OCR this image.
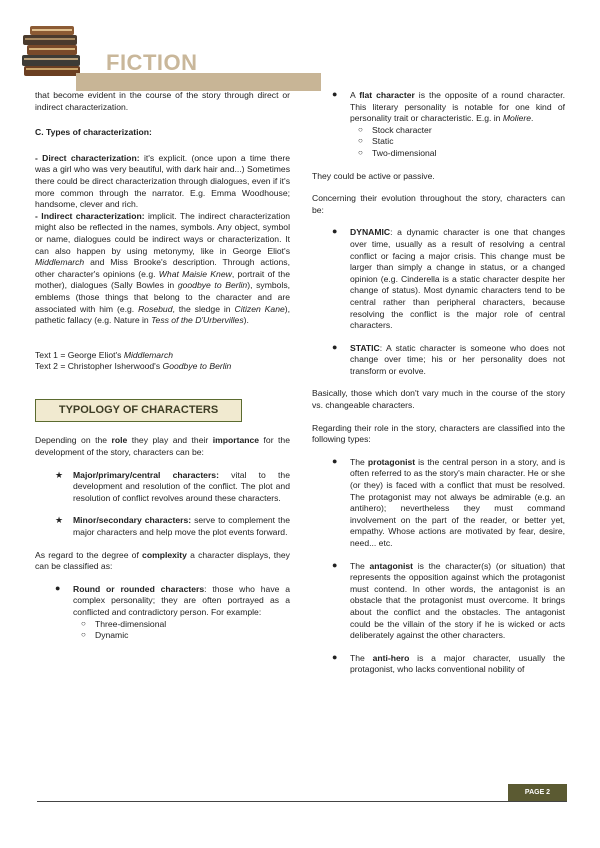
FICTION

that become evident in the course of the story through direct or indirect characterization.

C. Types of characterization:

- Direct characterization: it's explicit. (once upon a time there was a girl who was very beautiful, with dark hair and...) Sometimes there could be direct characterization through dialogues, even if it's more common through the narrator. E.g. Emma Woodhouse; handsome, clever and rich.

- Indirect characterization: implicit. The indirect characterization might also be reflected in the names, symbols. Any object, symbol or name, dialogues could be indirect ways or characterization. It can also happen by using metonymy, like in George Eliot's Middlemarch and Miss Brooke's description. Through actions, other character's opinions (e.g. What Maisie Knew, portrait of the mother), dialogues (Sally Bowles in goodbye to Berlin), symbols, emblems (those things that belong to the character and are associated with him (e.g. Rosebud, the sledge in Citizen Kane), pathetic fallacy (e.g. Nature in Tess of the D'Urbervilles).

Text 1 = George Eliot's Middlemarch

Text 2 = Christopher Isherwood's Goodbye to Berlin

TYPOLOGY OF CHARACTERS

Depending on the role they play and their importance for the development of the story, characters can be:

★ Major/primary/central characters: vital to the development and resolution of the conflict. The plot and resolution of conflict revolves around these characters.
★ Minor/secondary characters: serve to complement the major characters and help move the plot events forward.

As regard to the degree of complexity a character displays, they can be classified as:

● Round or rounded characters: those who have a complex personality; they are often portrayed as a conflicted and contradictory person. For example:
○ Three-dimensional
○ Dynamic
● A flat character is the opposite of a round character. This literary personality is notable for one kind of personality trait or characteristic. E.g. in Moliere.
○ Stock character
○ Static
○ Two-dimensional

They could be active or passive.

Concerning their evolution throughout the story, characters can be:

● DYNAMIC: a dynamic character is one that changes over time, usually as a result of resolving a central conflict or facing a major crisis. This change must be larger than simply a change in status, or a changed opinion (e.g. Cinderella is a static character despite her change of status). Most dynamic characters tend to be central rather than peripheral characters, because resolving the conflict is the major role of central characters.
● STATIC: A static character is someone who does not change over time; his or her personality does not transform or evolve.

Basically, those which don't vary much in the course of the story vs. changeable characters.

Regarding their role in the story, characters are classified into the following types:

● The protagonist is the central person in a story, and is often referred to as the story's main character. He or she (or they) is faced with a conflict that must be resolved. The protagonist may not always be admirable (e.g. an antihero); nevertheless they must command involvement on the part of the reader, or better yet, empathy. Whose actions are motivated by fear, desire, need... etc.
● The antagonist is the character(s) (or situation) that represents the opposition against which the protagonist must contend. In other words, the antagonist is an obstacle that the protagonist must overcome. It brings about the conflict and the obstacles. The antagonist could be the villain of the story if he is wicked or acts deliberately against the other characters.
● The anti-hero is a major character, usually the protagonist, who lacks conventional nobility of
PAGE 2
